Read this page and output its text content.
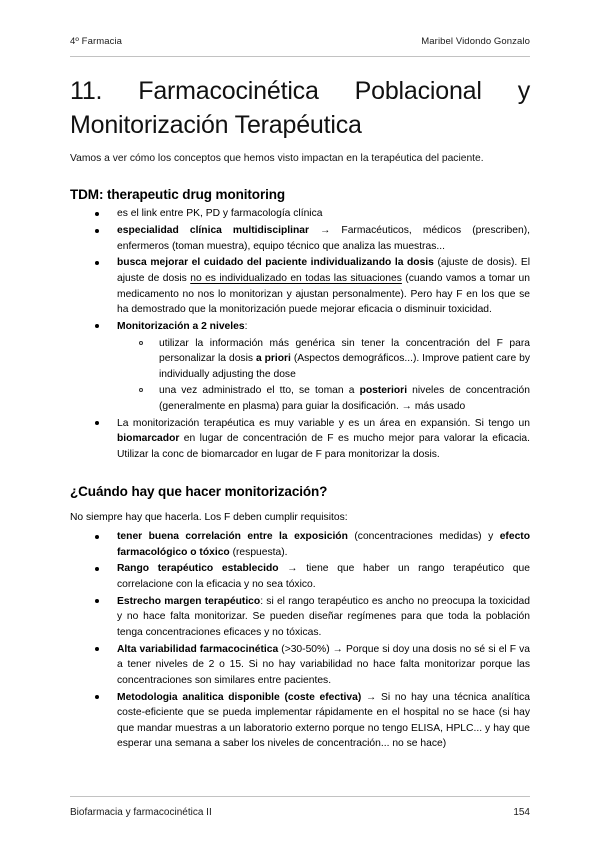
4º Farmacia	Maribel Vidondo Gonzalo
11. Farmacocinética Poblacional y
Monitorización Terapéutica

Vamos a ver cómo los conceptos que hemos visto impactan en la terapéutica del paciente.

TDM: therapeutic drug monitoring
es el link entre PK, PD y farmacología clínica
especialidad clínica multidisciplinar → Farmacéuticos, médicos (prescriben), enfermeros (toman muestra), equipo técnico que analiza las muestras...
busca mejorar el cuidado del paciente individualizando la dosis (ajuste de dosis). El ajuste de dosis no es individualizado en todas las situaciones (cuando vamos a tomar un medicamento no nos lo monitorizan y ajustan personalmente). Pero hay F en los que se ha demostrado que la monitorización puede mejorar eficacia o disminuir toxicidad.
Monitorización a 2 niveles:
utilizar la información más genérica sin tener la concentración del F para personalizar la dosis a priori (Aspectos demográficos...). Improve patient care by individually adjusting the dose
una vez administrado el tto, se toman a posteriori niveles de concentración (generalmente en plasma) para guiar la dosificación. → más usado
La monitorización terapéutica es muy variable y es un área en expansión. Si tengo un biomarcador en lugar de concentración de F es mucho mejor para valorar la eficacia. Utilizar la conc de biomarcador en lugar de F para monitorizar la dosis.
¿Cuándo hay que hacer monitorización?

No siempre hay que hacerla. Los F deben cumplir requisitos:

tener buena correlación entre la exposición (concentraciones medidas) y efecto farmacológico o tóxico (respuesta).
Rango terapéutico establecido → tiene que haber un rango terapéutico que correlacione con la eficacia y no sea tóxico.
Estrecho margen terapéutico: si el rango terapéutico es ancho no preocupa la toxicidad y no hace falta monitorizar. Se pueden diseñar regímenes para que toda la población tenga concentraciones eficaces y no tóxicas.
Alta variabilidad farmacocinética (>30-50%) → Porque si doy una dosis no sé si el F va a tener niveles de 2 o 15. Si no hay variabilidad no hace falta monitorizar porque las concentraciones son similares entre pacientes.
Metodologia analitica disponible (coste efectiva) → Si no hay una técnica analítica coste-eficiente que se pueda implementar rápidamente en el hospital no se hace (si hay que mandar muestras a un laboratorio externo porque no tengo ELISA, HPLC... y hay que esperar una semana a saber los niveles de concentración... no se hace)
Biofarmacia y farmacocinética II	154
